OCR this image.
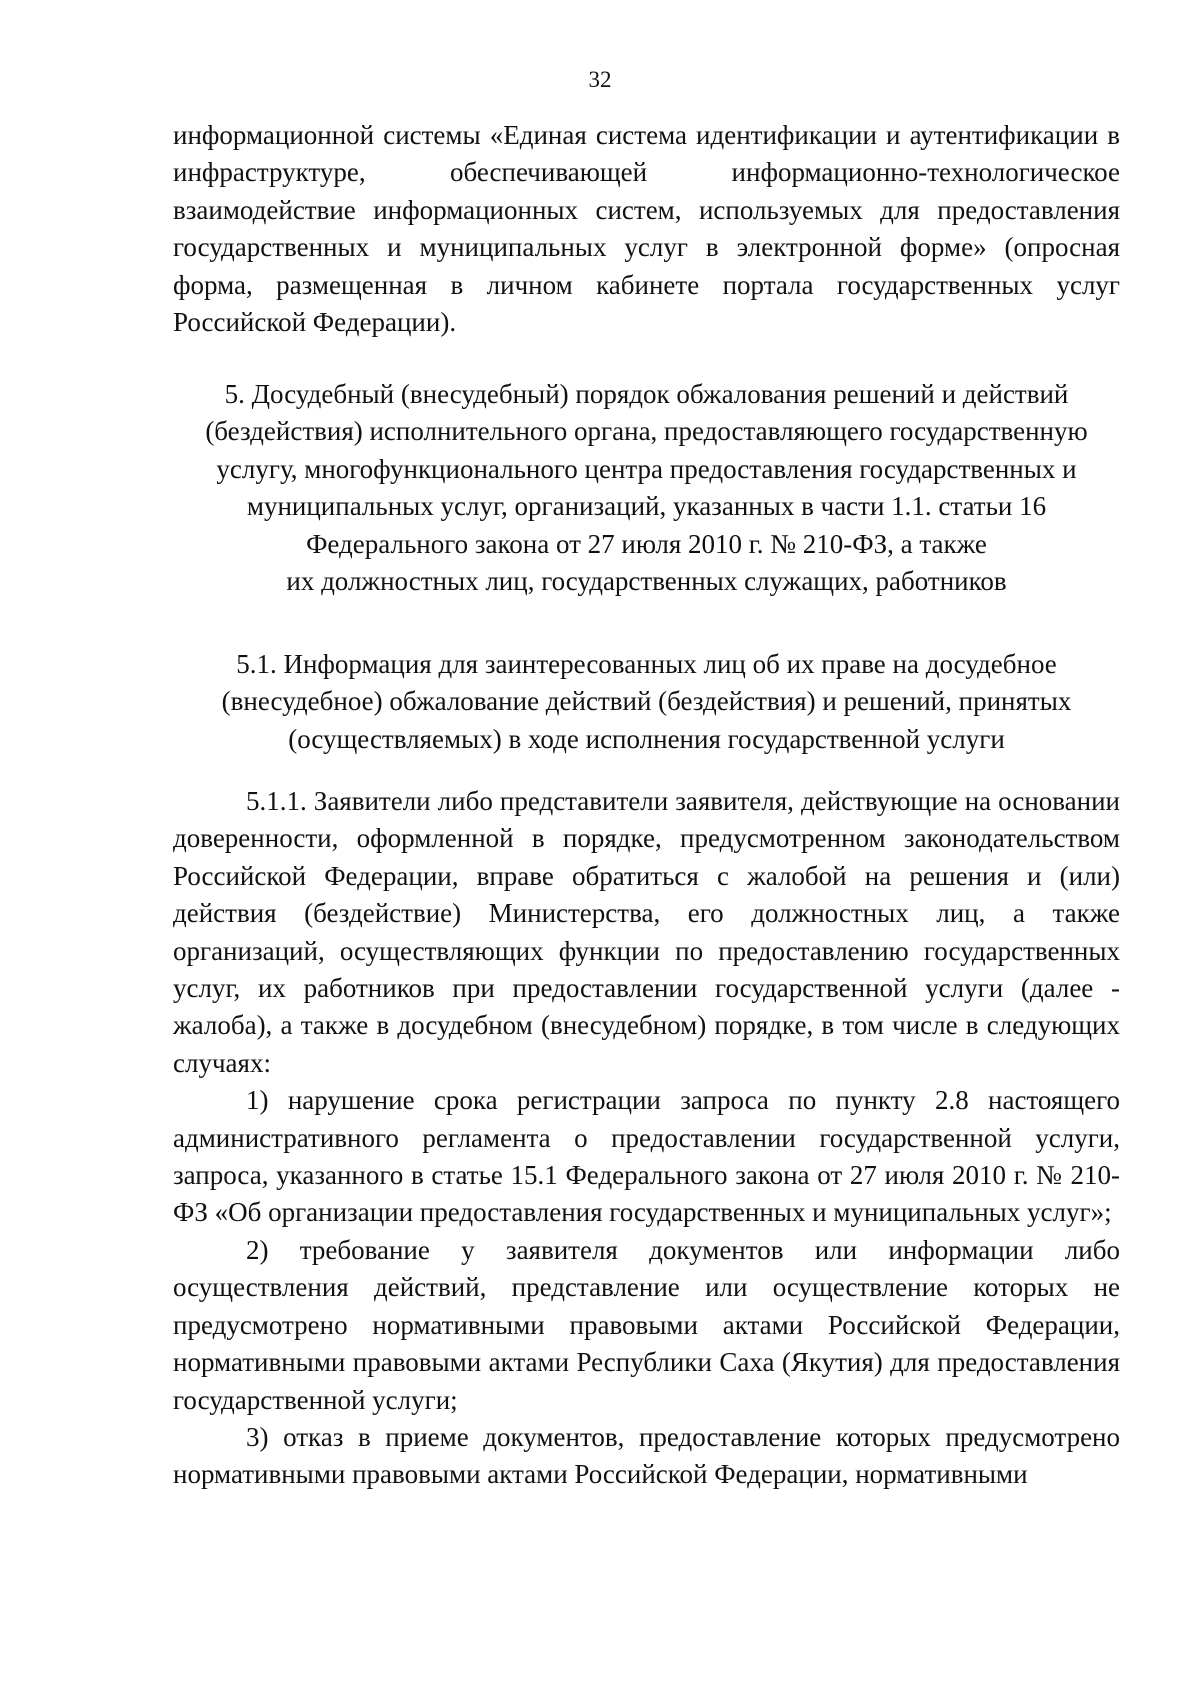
32

информационной системы «Единая система идентификации и аутентификации в инфраструктуре, обеспечивающей информационно-технологическое взаимодействие информационных систем, используемых для предоставления государственных и муниципальных услуг в электронной форме» (опросная форма, размещенная в личном кабинете портала государственных услуг Российской Федерации).

5. Досудебный (внесудебный) порядок обжалования решений и действий
(бездействия) исполнительного органа, предоставляющего государственную
услугу, многофункционального центра предоставления государственных и
муниципальных услуг, организаций, указанных в части 1.1. статьи 16
Федерального закона от 27 июля 2010 г. № 210-ФЗ, а также
их должностных лиц, государственных служащих, работников
5.1. Информация для заинтересованных лиц об их праве на досудебное
(внесудебное) обжалование действий (бездействия) и решений, принятых
(осуществляемых) в ходе исполнения государственной услуги

5.1.1. Заявители либо представители заявителя, действующие на основании доверенности, оформленной в порядке, предусмотренном законодательством Российской Федерации, вправе обратиться с жалобой на решения и (или) действия (бездействие) Министерства, его должностных лиц, а также организаций, осуществляющих функции по предоставлению государственных услуг, их работников при предоставлении государственной услуги (далее - жалоба), а также в досудебном (внесудебном) порядке, в том числе в следующих случаях:

1) нарушение срока регистрации запроса по пункту 2.8 настоящего административного регламента о предоставлении государственной услуги, запроса, указанного в статье 15.1 Федерального закона от 27 июля 2010 г. № 210-ФЗ «Об организации предоставления государственных и муниципальных услуг»;

2) требование у заявителя документов или информации либо осуществления действий, представление или осуществление которых не предусмотрено нормативными правовыми актами Российской Федерации, нормативными правовыми актами Республики Саха (Якутия) для предоставления государственной услуги;

3) отказ в приеме документов, предоставление которых предусмотрено нормативными правовыми актами Российской Федерации, нормативными
